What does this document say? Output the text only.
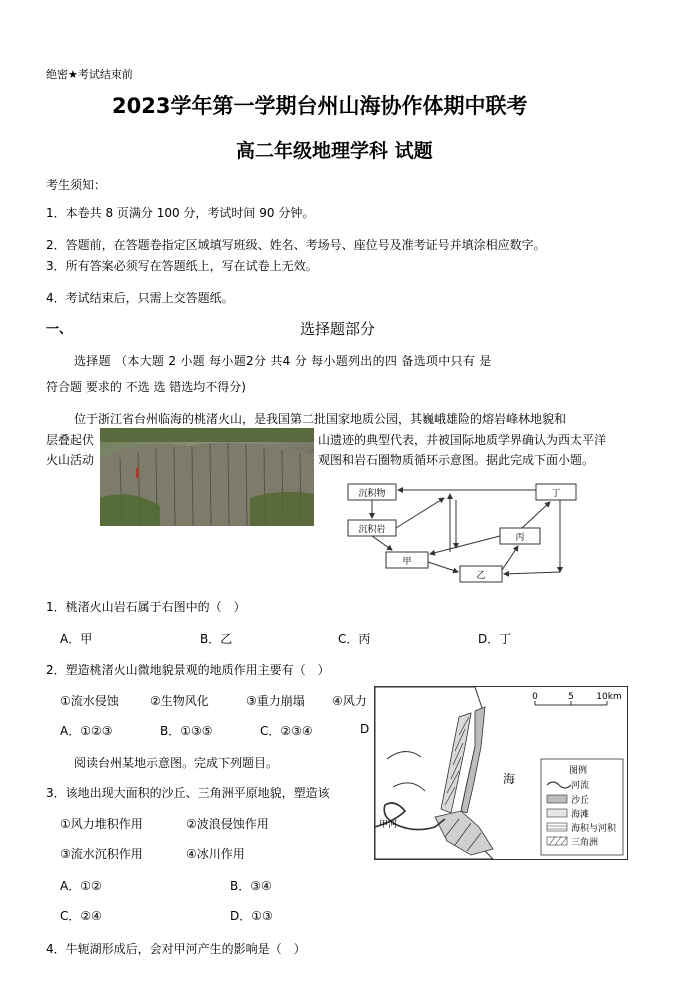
绝密★考试结束前
2023学年第一学期台州山海协作体期中联考
高二年级地理学科 试题
考生须知：
1．本卷共 8 页满分 100 分，考试时间 90 分钟。
2．答题前，在答题卷指定区域填写班级、姓名、考场号、座位号及准考证号并填涂相应数字。
3．所有答案必须写在答题纸上，写在试卷上无效。
4．考试结束后，只需上交答题纸。
一、	选择题部分
选择题 （本大题 2 小题 每小题2分 共4 分 每小题列出的四 备选项中只有 是
符合题 要求的 不选 选 错选均不得分)
位于浙江省台州临海的桃渚火山，是我国第二批国家地质公园，其巍峨雄险的熔岩峰林地貌和
层叠起伏	山遗迹的典型代表，并被国际地质学界确认为西太平洋
火山活动	观图和岩石圈物质循环示意图。据此完成下面小题。
沉积物
沉积岩
甲
乙
丙
丁
1．桃渚火山岩石属于右图中的（　）
A．甲	B．乙	C．丙	D．丁
2．塑造桃渚火山微地貌景观的地质作用主要有（　）
①流水侵蚀	②生物风化	③重力崩塌 ④风力
A．①②③	B．①③⑤	C．②③④	D
阅读台州某地示意图。完成下列题目。
0	5 10km
海
甲河
图例
河流
沙丘
海滩
海积与河积
三角洲
3．该地出现大面积的沙丘、三角洲平原地貌，塑造该
①风力堆积作用	②波浪侵蚀作用
③流水沉积作用	④冰川作用
A．①②	B．③④
C．②④	D．①③
4．牛轭湖形成后，会对甲河产生的影响是（　）
